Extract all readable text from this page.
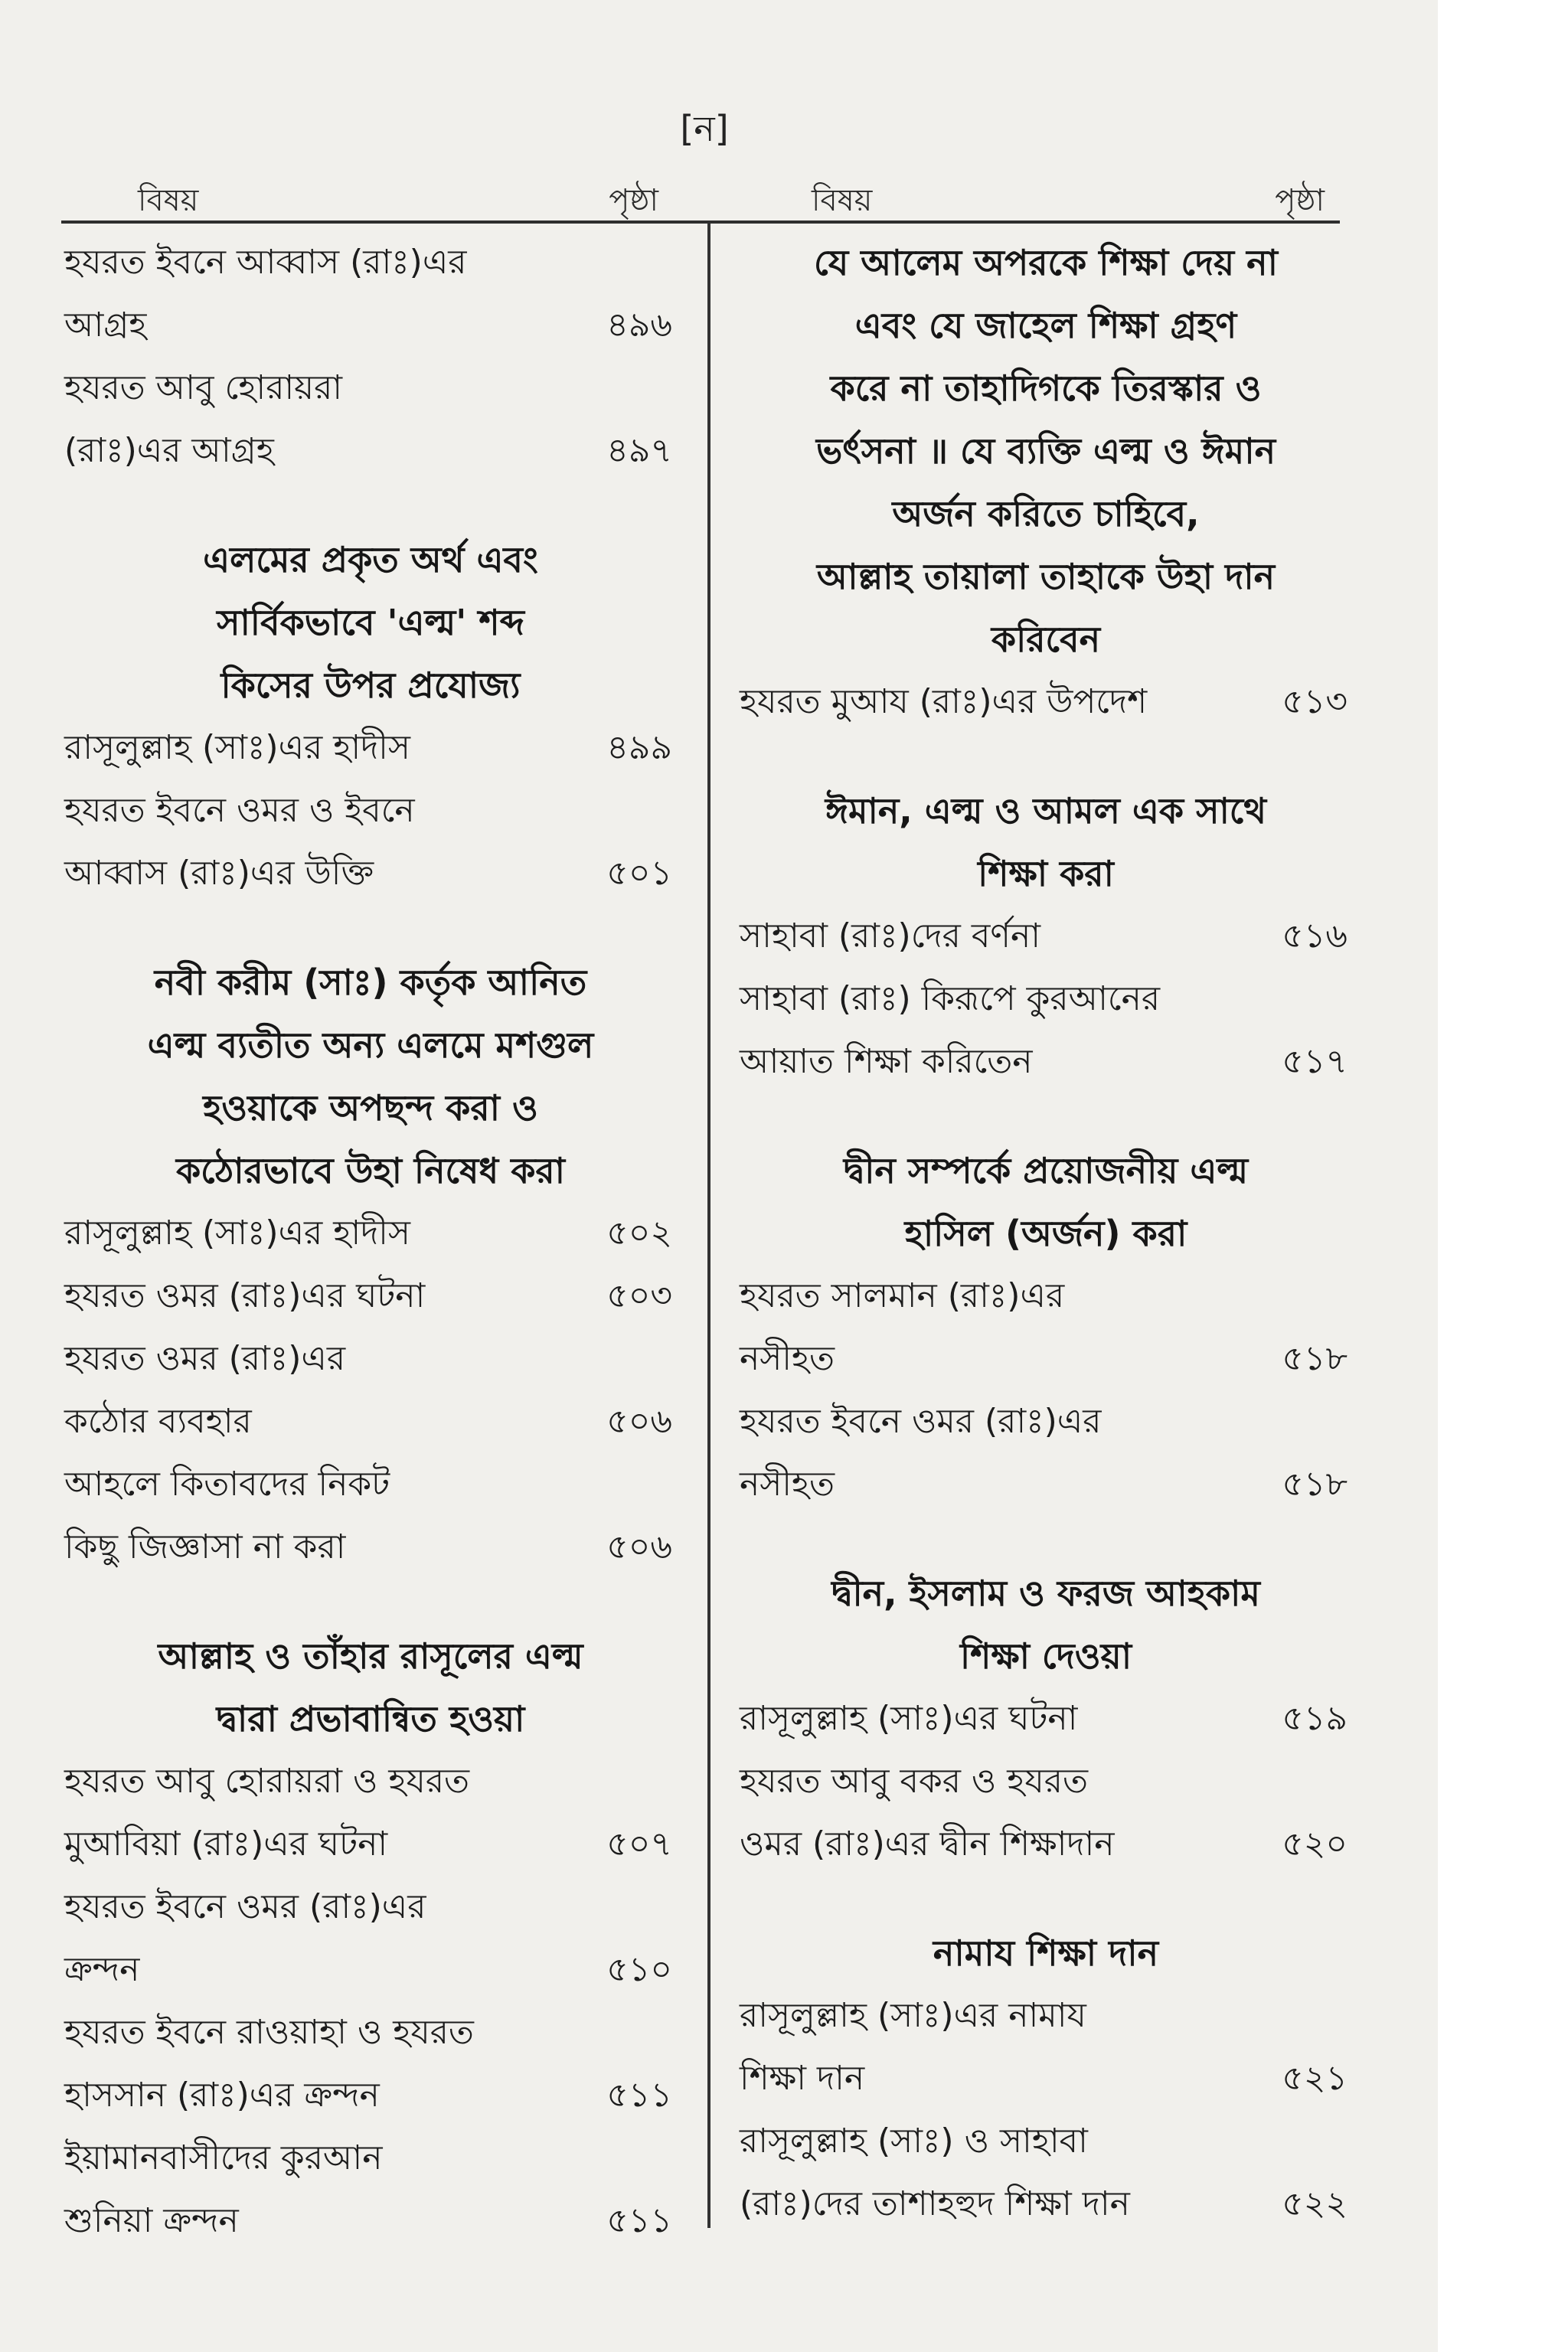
[ন]
বিষয়	পৃষ্ঠা	বিষয়	পৃষ্ঠা
হযরত ইবনে আব্বাস (রাঃ)এর
আগ্রহ	৪৯৬
হযরত আবু হোরায়রা
(রাঃ)এর আগ্রহ	৪৯৭
এলমের প্রকৃত অর্থ এবং
সার্বিকভাবে 'এল্ম' শব্দ
কিসের উপর প্রযোজ্য
রাসূলুল্লাহ (সাঃ)এর হাদীস	৪৯৯
হযরত ইবনে ওমর ও ইবনে
আব্বাস (রাঃ)এর উক্তি	৫০১
নবী করীম (সাঃ) কর্তৃক আনিত
এল্ম ব্যতীত অন্য এলমে মশগুল
হওয়াকে অপছন্দ করা ও
কঠোরভাবে উহা নিষেধ করা
রাসূলুল্লাহ (সাঃ)এর হাদীস	৫০২
হযরত ওমর (রাঃ)এর ঘটনা	৫০৩
হযরত ওমর (রাঃ)এর
কঠোর ব্যবহার	৫০৬
আহলে কিতাবদের নিকট
কিছু জিজ্ঞাসা না করা	৫০৬
আল্লাহ ও তাঁহার রাসূলের এল্ম
দ্বারা প্রভাবান্বিত হওয়া
হযরত আবু হোরায়রা ও হযরত
মুআবিয়া (রাঃ)এর ঘটনা	৫০৭
হযরত ইবনে ওমর (রাঃ)এর
ক্রন্দন	৫১০
হযরত ইবনে রাওয়াহা ও হযরত
হাসসান (রাঃ)এর ক্রন্দন	৫১১
ইয়ামানবাসীদের কুরআন
শুনিয়া ক্রন্দন	৫১১
যে আলেম অপরকে শিক্ষা দেয় না
এবং যে জাহেল শিক্ষা গ্রহণ
করে না তাহাদিগকে তিরস্কার ও
ভর্ৎসনা ॥ যে ব্যক্তি এল্ম ও ঈমান
অর্জন করিতে চাহিবে,
আল্লাহ তায়ালা তাহাকে উহা দান
করিবেন
হযরত মুআয (রাঃ)এর উপদেশ	৫১৩
ঈমান, এল্ম ও আমল এক সাথে
শিক্ষা করা
সাহাবা (রাঃ)দের বর্ণনা	৫১৬
সাহাবা (রাঃ) কিরূপে কুরআনের
আয়াত শিক্ষা করিতেন	৫১৭
দ্বীন সম্পর্কে প্রয়োজনীয় এল্ম
হাসিল (অর্জন) করা
হযরত সালমান (রাঃ)এর
নসীহত	৫১৮
হযরত ইবনে ওমর (রাঃ)এর
নসীহত	৫১৮
দ্বীন, ইসলাম ও ফরজ আহকাম
শিক্ষা দেওয়া
রাসূলুল্লাহ (সাঃ)এর ঘটনা	৫১৯
হযরত আবু বকর ও হযরত
ওমর (রাঃ)এর দ্বীন শিক্ষাদান	৫২০
নামায শিক্ষা দান
রাসূলুল্লাহ (সাঃ)এর নামায
শিক্ষা দান	৫২১
রাসূলুল্লাহ (সাঃ) ও সাহাবা
(রাঃ)দের তাশাহহুদ শিক্ষা দান	৫২২
